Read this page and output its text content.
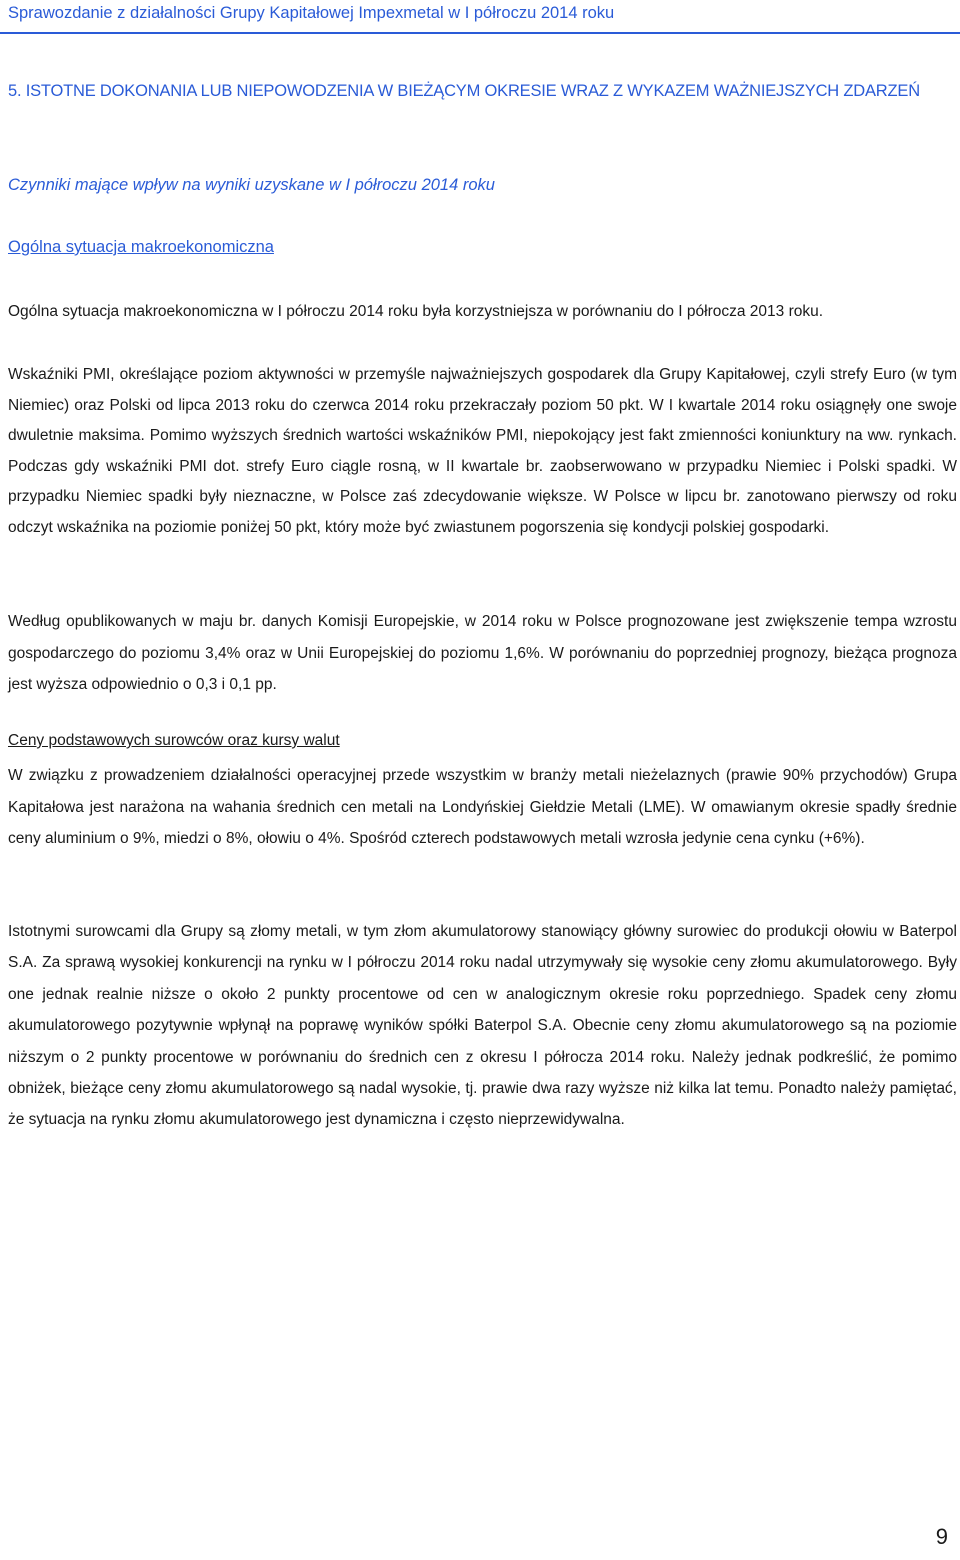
Sprawozdanie z działalności Grupy Kapitałowej Impexmetal w I półroczu 2014 roku
5. ISTOTNE DOKONANIA LUB NIEPOWODZENIA W BIEŻĄCYM OKRESIE WRAZ Z WYKAZEM WAŻNIEJSZYCH ZDARZEŃ
Czynniki mające wpływ na wyniki uzyskane w I półroczu 2014 roku
Ogólna sytuacja makroekonomiczna

Ogólna sytuacja makroekonomiczna w I półroczu 2014 roku była korzystniejsza w porównaniu do I półrocza 2013 roku.

Wskaźniki PMI, określające poziom aktywności w przemyśle najważniejszych gospodarek dla Grupy Kapitałowej, czyli strefy Euro (w tym Niemiec) oraz Polski od lipca 2013 roku do czerwca 2014 roku przekraczały poziom 50 pkt. W I kwartale 2014 roku osiągnęły one swoje dwuletnie maksima. Pomimo wyższych średnich wartości wskaźników PMI, niepokojący jest fakt zmienności koniunktury na ww. rynkach. Podczas gdy wskaźniki PMI dot. strefy Euro ciągle rosną, w II kwartale br. zaobserwowano w przypadku Niemiec i Polski spadki. W przypadku Niemiec spadki były nieznaczne, w Polsce zaś zdecydowanie większe. W Polsce w lipcu br. zanotowano pierwszy od roku odczyt wskaźnika na poziomie poniżej 50 pkt, który może być zwiastunem pogorszenia się kondycji polskiej gospodarki.

Według opublikowanych w maju br. danych Komisji Europejskie, w 2014 roku w Polsce prognozowane jest zwiększenie tempa wzrostu gospodarczego do poziomu 3,4% oraz w Unii Europejskiej do poziomu 1,6%. W porównaniu do poprzedniej prognozy, bieżąca prognoza jest wyższa odpowiednio o 0,3 i 0,1 pp.

Ceny podstawowych surowców oraz kursy walut

W związku z prowadzeniem działalności operacyjnej przede wszystkim w branży metali nieżelaznych (prawie 90% przychodów) Grupa Kapitałowa jest narażona na wahania średnich cen metali na Londyńskiej Giełdzie Metali (LME). W omawianym okresie spadły średnie ceny aluminium o 9%, miedzi o 8%, ołowiu o 4%. Spośród czterech podstawowych metali wzrosła jedynie cena cynku (+6%).

Istotnymi surowcami dla Grupy są złomy metali, w tym złom akumulatorowy stanowiący główny surowiec do produkcji ołowiu w Baterpol S.A. Za sprawą wysokiej konkurencji na rynku w I półroczu 2014 roku nadal utrzymywały się wysokie ceny złomu akumulatorowego. Były one jednak realnie niższe o około 2 punkty procentowe od cen w analogicznym okresie roku poprzedniego. Spadek ceny złomu akumulatorowego pozytywnie wpłynął na poprawę wyników spółki Baterpol S.A. Obecnie ceny złomu akumulatorowego są na poziomie niższym o 2 punkty procentowe w porównaniu do średnich cen z okresu I półrocza 2014 roku. Należy jednak podkreślić, że pomimo obniżek, bieżące ceny złomu akumulatorowego są nadal wysokie, tj. prawie dwa razy wyższe niż kilka lat temu. Ponadto należy pamiętać, że sytuacja na rynku złomu akumulatorowego jest dynamiczna i często nieprzewidywalna.

9
